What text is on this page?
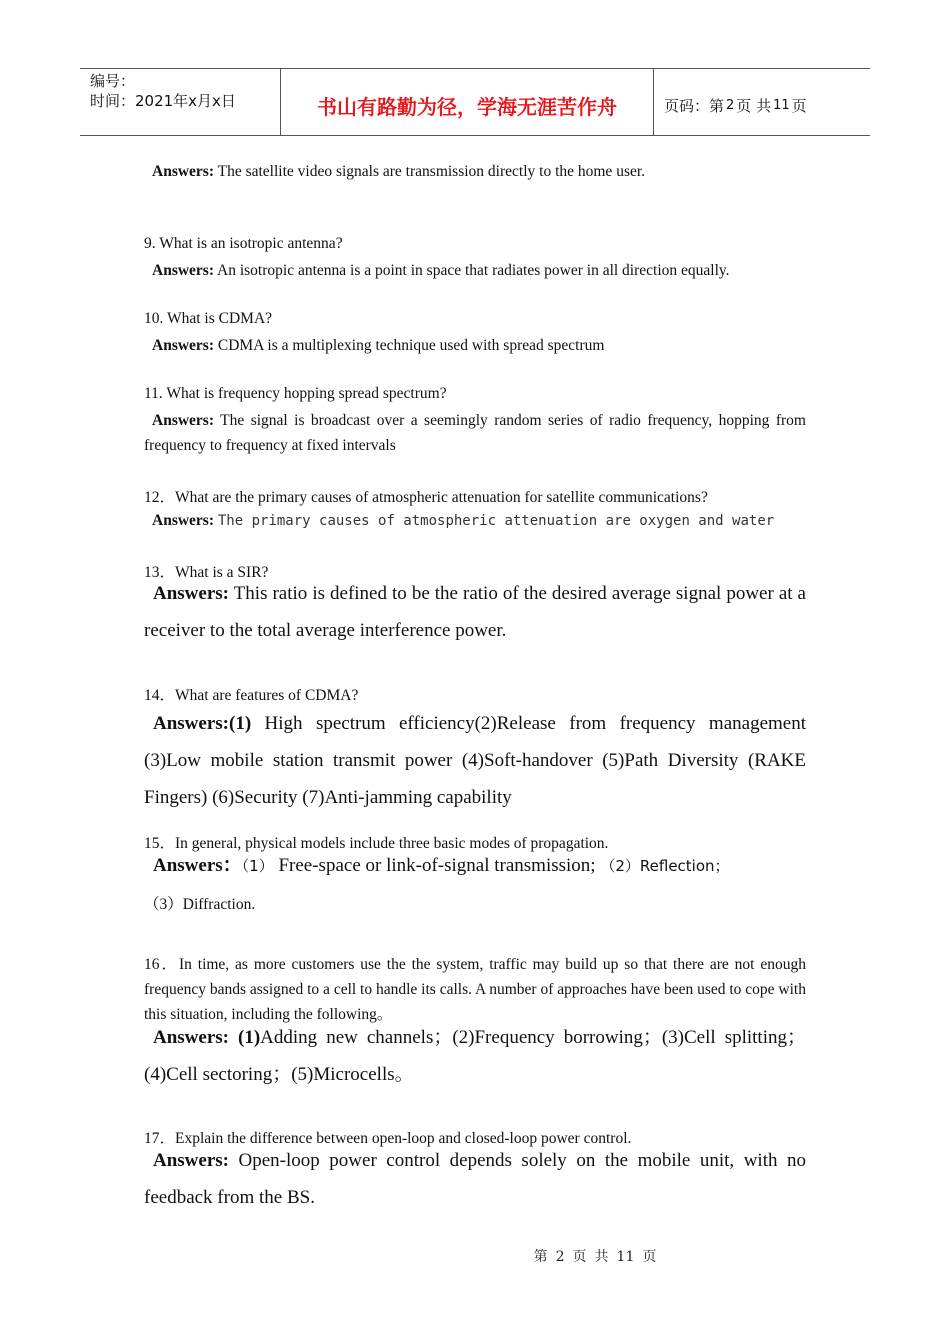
编号：
时间：2021年x月x日	书山有路勤为径，学海无涯苦作舟	页码：第 2 页 共 11 页
Answers: The satellite video signals are transmission directly to the home user.
9. What is an isotropic antenna?
Answers: An isotropic antenna is a point in space that radiates power in all direction equally.
10. What is CDMA?
Answers: CDMA is a multiplexing technique used with spread spectrum
11. What is frequency hopping spread spectrum?
Answers: The signal is broadcast over a seemingly random series of radio frequency, hopping from frequency to frequency at fixed intervals
12．What are the primary causes of atmospheric attenuation for satellite communications?
Answers: The primary causes of atmospheric attenuation are oxygen and water
13．What is a SIR?
Answers: This ratio is defined to be the ratio of the desired average signal power at a receiver to the total average interference power.
14．What are features of CDMA?
Answers:(1) High spectrum efficiency(2)Release from frequency management (3)Low mobile station transmit power (4)Soft-handover (5)Path Diversity (RAKE Fingers) (6)Security (7)Anti-jamming capability
15．In general, physical models include three basic modes of propagation.
Answers：（1） Free-space or link-of-signal transmission; （2）Reflection；
（3）Diffraction.
16．In time, as more customers use the the system, traffic may build up so that there are not enough frequency bands assigned to a cell to handle its calls. A number of approaches have been used to cope with this situation, including the following。
Answers: (1)Adding new channels；(2)Frequency borrowing；(3)Cell splitting；(4)Cell sectoring；(5)Microcells。
17．Explain the difference between open-loop and closed-loop power control.
Answers: Open-loop power control depends solely on the mobile unit, with no feedback from the BS.
第 2 页 共 11 页
